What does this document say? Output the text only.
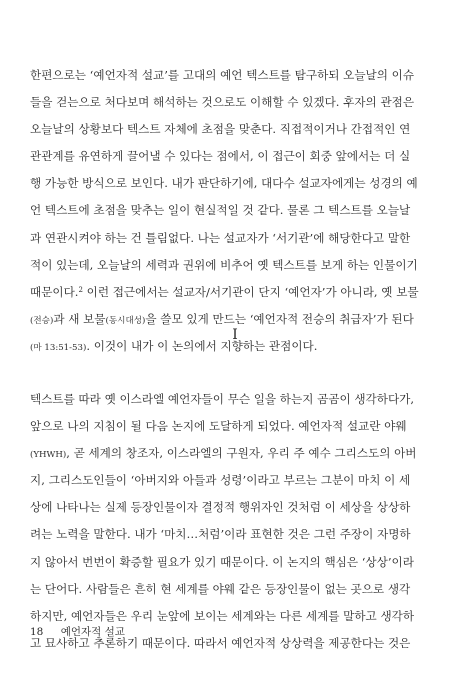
한편으로는 ‘예언자적 설교’를 고대의 예언 텍스트를 탐구하되 오늘날의 이슈
들을 걷는으로 처다보며 해석하는 것으로도 이해할 수 있겠다. 후자의 관점은
오늘날의 상황보다 텍스트 자체에 초점을 맞춘다. 직접적이거나 간접적인 연
관관계를 유연하게 끌어낼 수 있다는 점에서, 이 접근이 회중 앞에서는 더 실
행 가능한 방식으로 보인다. 내가 판단하기에, 대다수 설교자에게는 성경의 예
언 텍스트에 초점을 맞추는 일이 현실적일 것 같다. 물론 그 텍스트를 오늘날
과 연관시켜야 하는 건 틀림없다. 나는 설교자가 ‘서기관’에 해당한다고 말한
적이 있는데, 오늘날의 세력과 권위에 비추어 옛 텍스트를 보게 하는 인물이기
때문이다.$^2$ 이런 접근에서는 설교자/서기관이 단지 ‘예언자’가 아니라, 옛 보물
(전승)과 새 보물(동시대성)을 쓸모 있게 만드는 ‘예언자적 전승의 취급자’가 된다
(마 13:51-53). 이것이 내가 이 논의에서 지향하는 관점이다.
I
텍스트를 따라 옛 이스라엘 예언자들이 무슨 일을 하는지 곰곰이 생각하다가,
앞으로 나의 지침이 될 다음 논지에 도달하게 되었다. 예언자적 설교란 야웨
(YHWH), 곧 세계의 창조자, 이스라엘의 구원자, 우리 주 예수 그리스도의 아버
지, 그리스도인들이 ‘아버지와 아들과 성령’이라고 부르는 그분이 마치 이 세
상에 나타나는 실제 등장인물이자 결정적 행위자인 것처럼 이 세상을 상상하
려는 노력을 말한다. 내가 ‘마치…처럼’이라 표현한 것은 그런 주장이 자명하
지 않아서 번번이 확증할 필요가 있기 때문이다. 이 논지의 핵심은 ‘상상’이라
는 단어다. 사람들은 흔히 현 세계를 야웨 같은 등장인물이 없는 곳으로 생각
하지만, 예언자들은 우리 눈앞에 보이는 세계와는 다른 세계를 말하고 생각하
고 묘사하고 추론하기 때문이다. 따라서 예언자적 상상력을 제공한다는 것은
18 예언자적 설교
